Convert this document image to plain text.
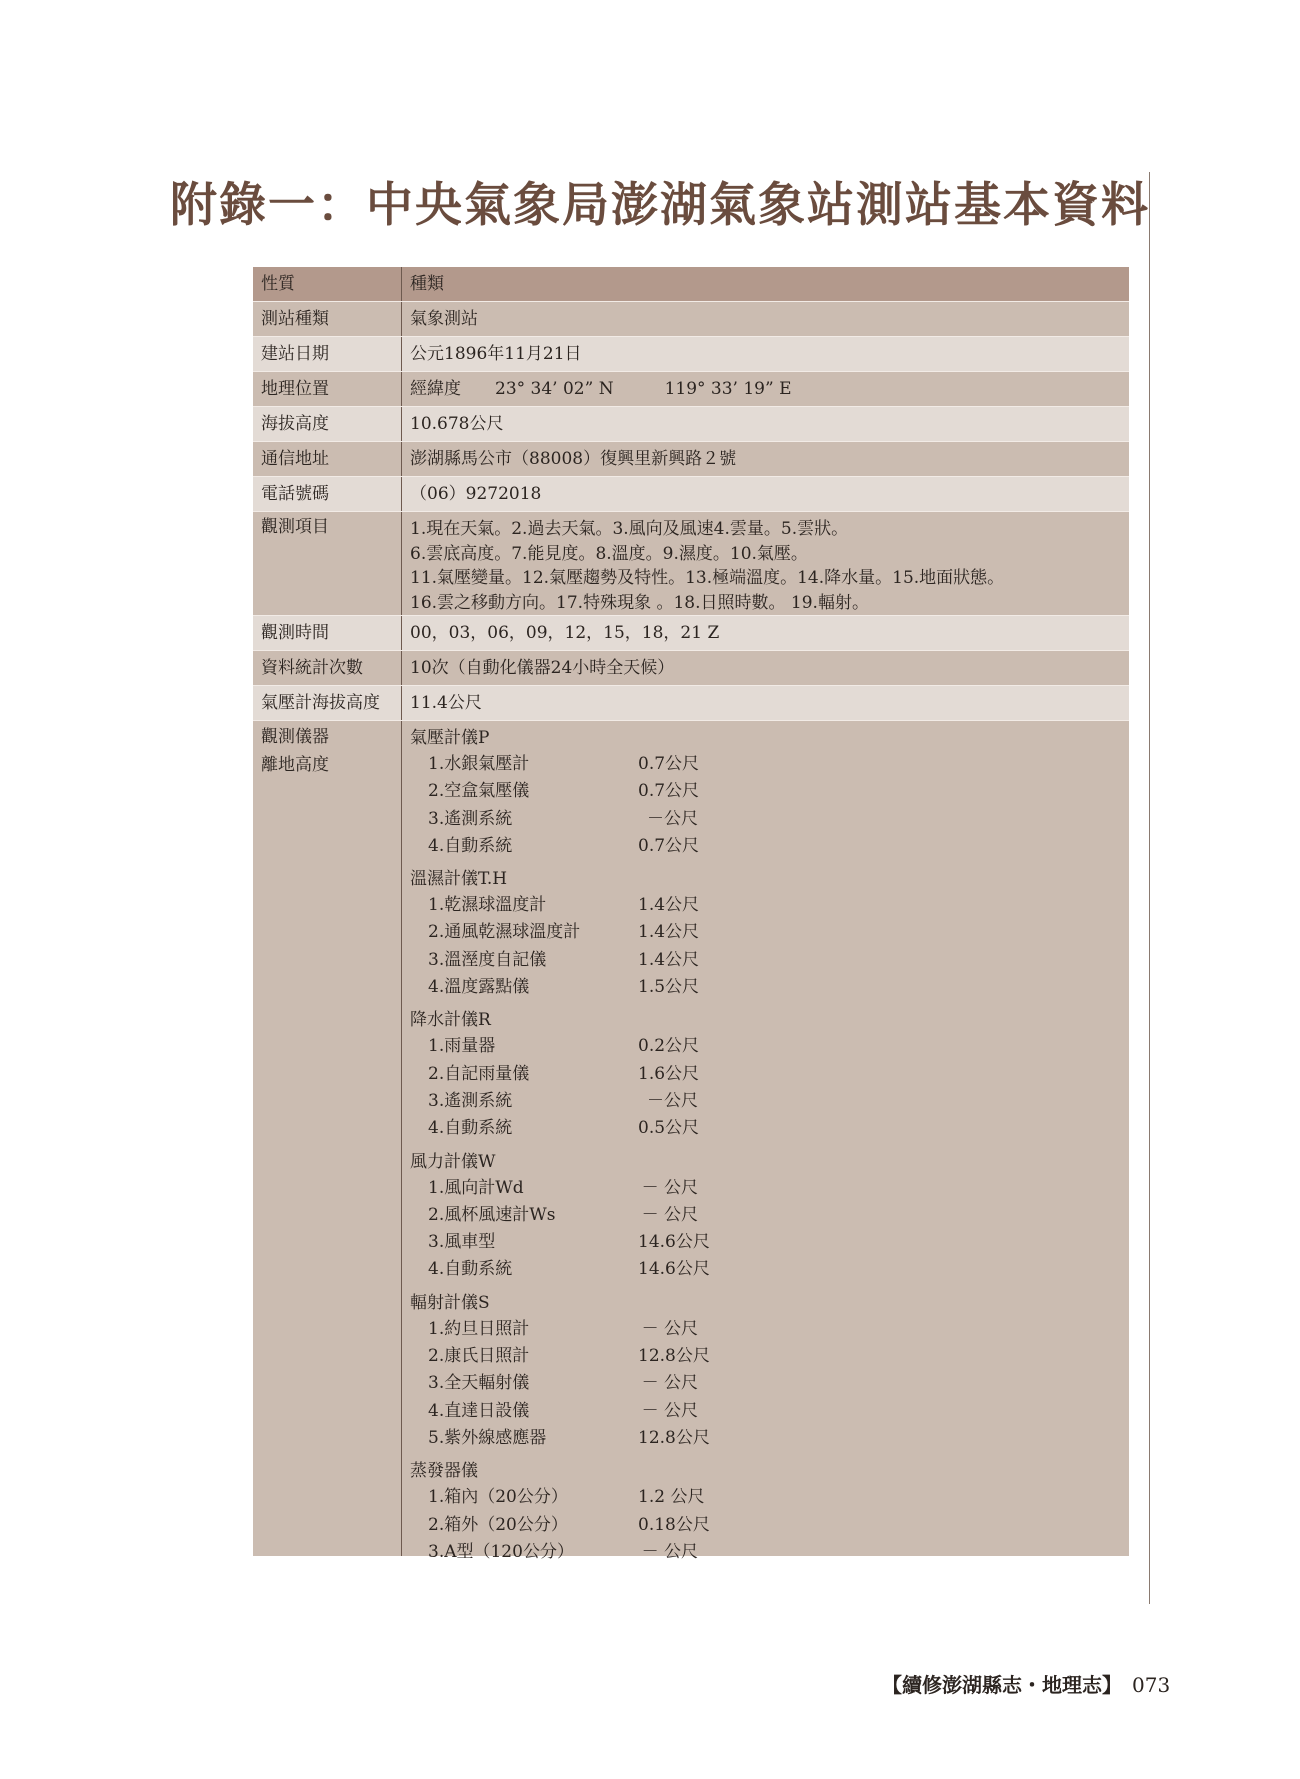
附錄一：中央氣象局澎湖氣象站測站基本資料
性質	種類
測站種類	氣象測站
建站日期	公元1896年11月21日
地理位置	經緯度　　23° 34’ 02” N　　　119° 33’ 19” E
海拔高度	10.678公尺
通信地址	澎湖縣馬公市（88008）復興里新興路２號
電話號碼	（06）9272018
觀測項目	1.現在天氣。2.過去天氣。3.風向及風速4.雲量。5.雲狀。
6.雲底高度。7.能見度。8.溫度。9.濕度。10.氣壓。
11.氣壓變量。12.氣壓趨勢及特性。13.極端溫度。14.降水量。15.地面狀態。
16.雲之移動方向。17.特殊現象 。18.日照時數。 19.輻射。
觀測時間	00，03，06，09，12，15，18，21 Z
資料統計次數	10次（自動化儀器24小時全天候）
氣壓計海拔高度	11.4公尺
觀測儀器
離地高度
氣壓計儀P
1.水銀氣壓計	0.7公尺
2.空盒氣壓儀	0.7公尺
3.遙測系統	－公尺
4.自動系統	0.7公尺
溫濕計儀T.H
1.乾濕球溫度計	1.4公尺
2.通風乾濕球溫度計	1.4公尺
3.溫溼度自記儀	1.4公尺
4.溫度露點儀	1.5公尺
降水計儀R
1.雨量器	0.2公尺
2.自記雨量儀	1.6公尺
3.遙測系統	－公尺
4.自動系統	0.5公尺
風力計儀W
1.風向計Wd	－ 公尺
2.風杯風速計Ws	－ 公尺
3.風車型	14.6公尺
4.自動系統	14.6公尺
輻射計儀S
1.約旦日照計	－ 公尺
2.康氏日照計	12.8公尺
3.全天輻射儀	－ 公尺
4.直達日設儀	－ 公尺
5.紫外線感應器	12.8公尺
蒸發器儀
1.箱內（20公分）	1.2 公尺
2.箱外（20公分）	0.18公尺
3.A型（120公分）	－ 公尺
【續修澎湖縣志・地理志】 073
